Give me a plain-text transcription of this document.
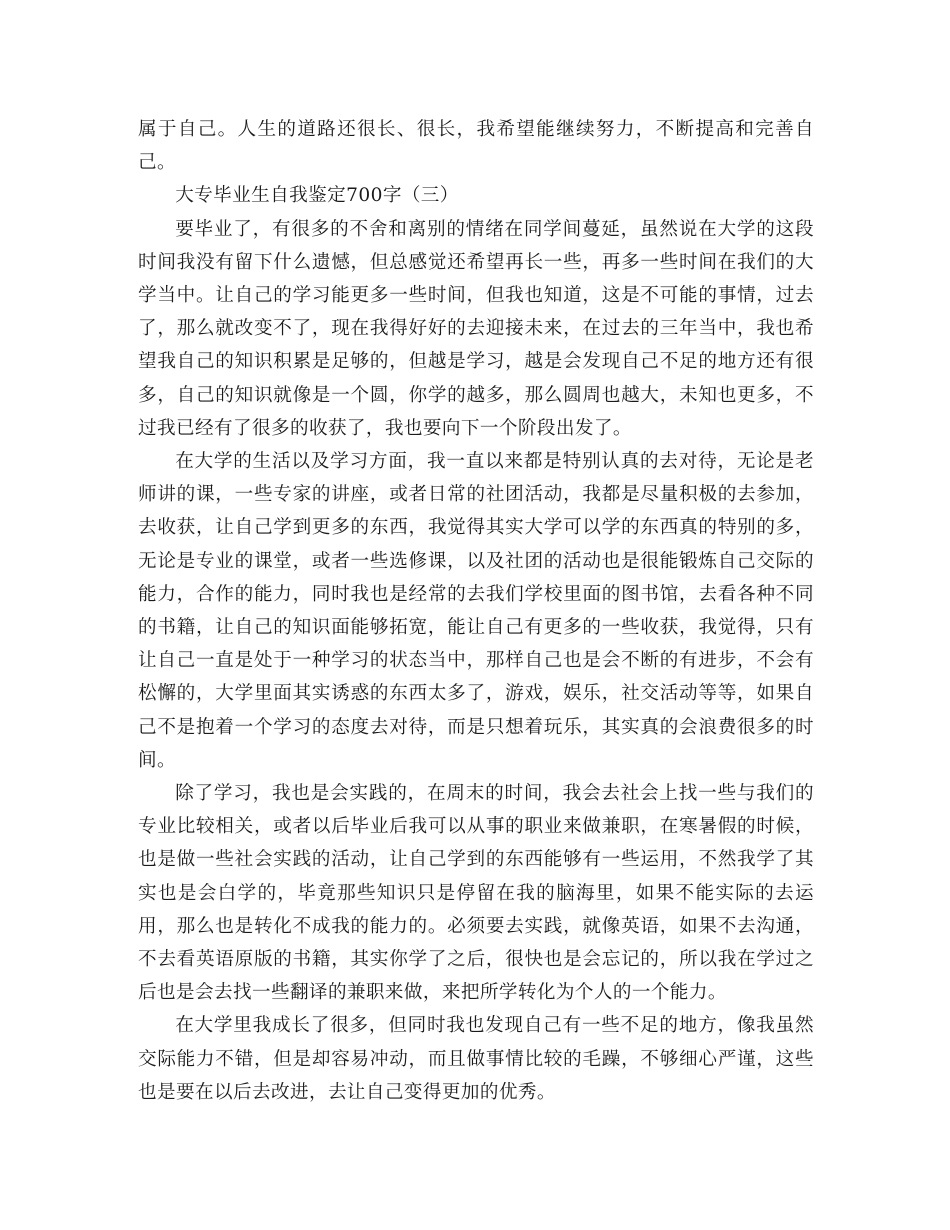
属于自己。人生的道路还很长、很长，我希望能继续努力，不断提高和完善自己。

大专毕业生自我鉴定700字（三）

要毕业了，有很多的不舍和离别的情绪在同学间蔓延，虽然说在大学的这段时间我没有留下什么遗憾，但总感觉还希望再长一些，再多一些时间在我们的大学当中。让自己的学习能更多一些时间，但我也知道，这是不可能的事情，过去了，那么就改变不了，现在我得好好的去迎接未来，在过去的三年当中，我也希望我自己的知识积累是足够的，但越是学习，越是会发现自己不足的地方还有很多，自己的知识就像是一个圆，你学的越多，那么圆周也越大，未知也更多，不过我已经有了很多的收获了，我也要向下一个阶段出发了。

在大学的生活以及学习方面，我一直以来都是特别认真的去对待，无论是老师讲的课，一些专家的讲座，或者日常的社团活动，我都是尽量积极的去参加，去收获，让自己学到更多的东西，我觉得其实大学可以学的东西真的特别的多，无论是专业的课堂，或者一些选修课，以及社团的活动也是很能锻炼自己交际的能力，合作的能力，同时我也是经常的去我们学校里面的图书馆，去看各种不同的书籍，让自己的知识面能够拓宽，能让自己有更多的一些收获，我觉得，只有让自己一直是处于一种学习的状态当中，那样自己也是会不断的有进步，不会有松懈的，大学里面其实诱惑的东西太多了，游戏，娱乐，社交活动等等，如果自己不是抱着一个学习的态度去对待，而是只想着玩乐，其实真的会浪费很多的时间。

除了学习，我也是会实践的，在周末的时间，我会去社会上找一些与我们的专业比较相关，或者以后毕业后我可以从事的职业来做兼职，在寒暑假的时候，也是做一些社会实践的活动，让自己学到的东西能够有一些运用，不然我学了其实也是会白学的，毕竟那些知识只是停留在我的脑海里，如果不能实际的去运用，那么也是转化不成我的能力的。必须要去实践，就像英语，如果不去沟通，不去看英语原版的书籍，其实你学了之后，很快也是会忘记的，所以我在学过之后也是会去找一些翻译的兼职来做，来把所学转化为个人的一个能力。

在大学里我成长了很多，但同时我也发现自己有一些不足的地方，像我虽然交际能力不错，但是却容易冲动，而且做事情比较的毛躁，不够细心严谨，这些也是要在以后去改进，去让自己变得更加的优秀。
